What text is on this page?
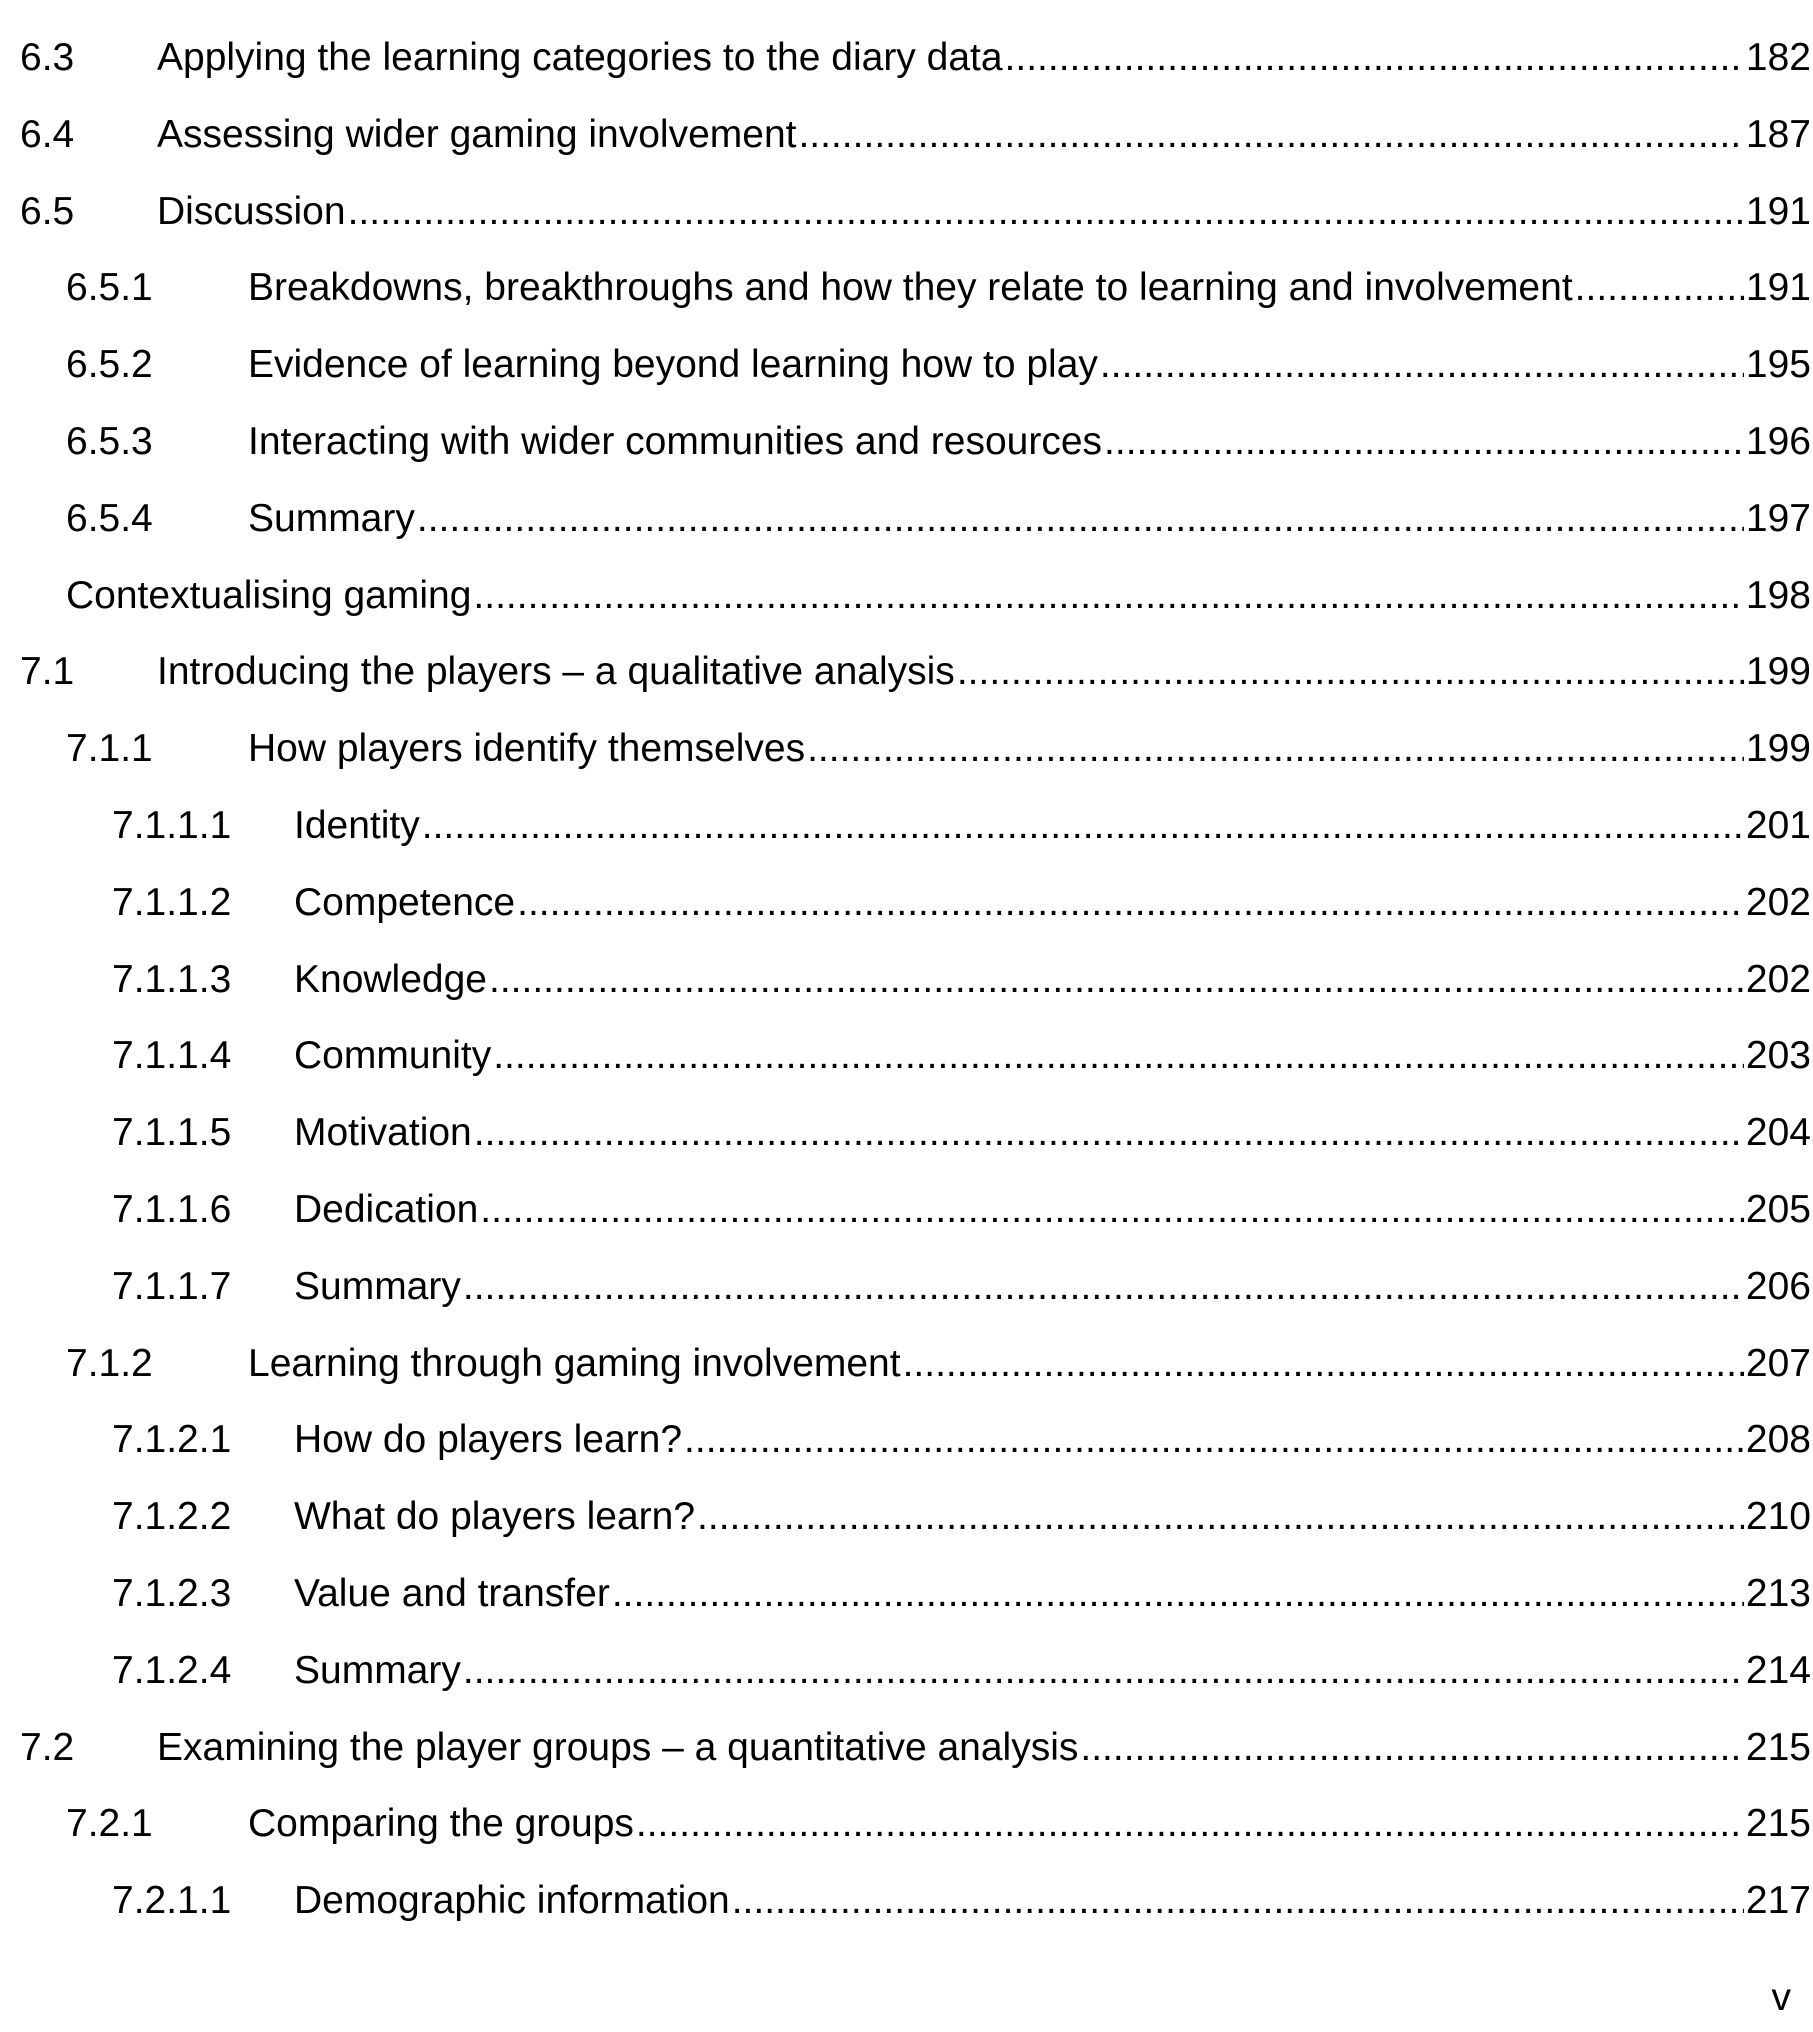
6.3 Applying the learning categories to the diary data .....	182
6.4 Assessing wider gaming involvement .....	187
6.5 Discussion .....	191
6.5.1 Breakdowns, breakthroughs and how they relate to learning and involvement .....	191
6.5.2 Evidence of learning beyond learning how to play .....	195
6.5.3 Interacting with wider communities and resources .....	196
6.5.4 Summary .....	197
Contextualising gaming .....	198
7.1 Introducing the players – a qualitative analysis .....	199
7.1.1 How players identify themselves .....	199
7.1.1.1 Identity .....	201
7.1.1.2 Competence .....	202
7.1.1.3 Knowledge .....	202
7.1.1.4 Community .....	203
7.1.1.5 Motivation .....	204
7.1.1.6 Dedication .....	205
7.1.1.7 Summary .....	206
7.1.2 Learning through gaming involvement .....	207
7.1.2.1 How do players learn? .....	208
7.1.2.2 What do players learn? .....	210
7.1.2.3 Value and transfer .....	213
7.1.2.4 Summary .....	214
7.2 Examining the player groups – a quantitative analysis .....	215
7.2.1 Comparing the groups .....	215
7.2.1.1 Demographic information .....	217
v
